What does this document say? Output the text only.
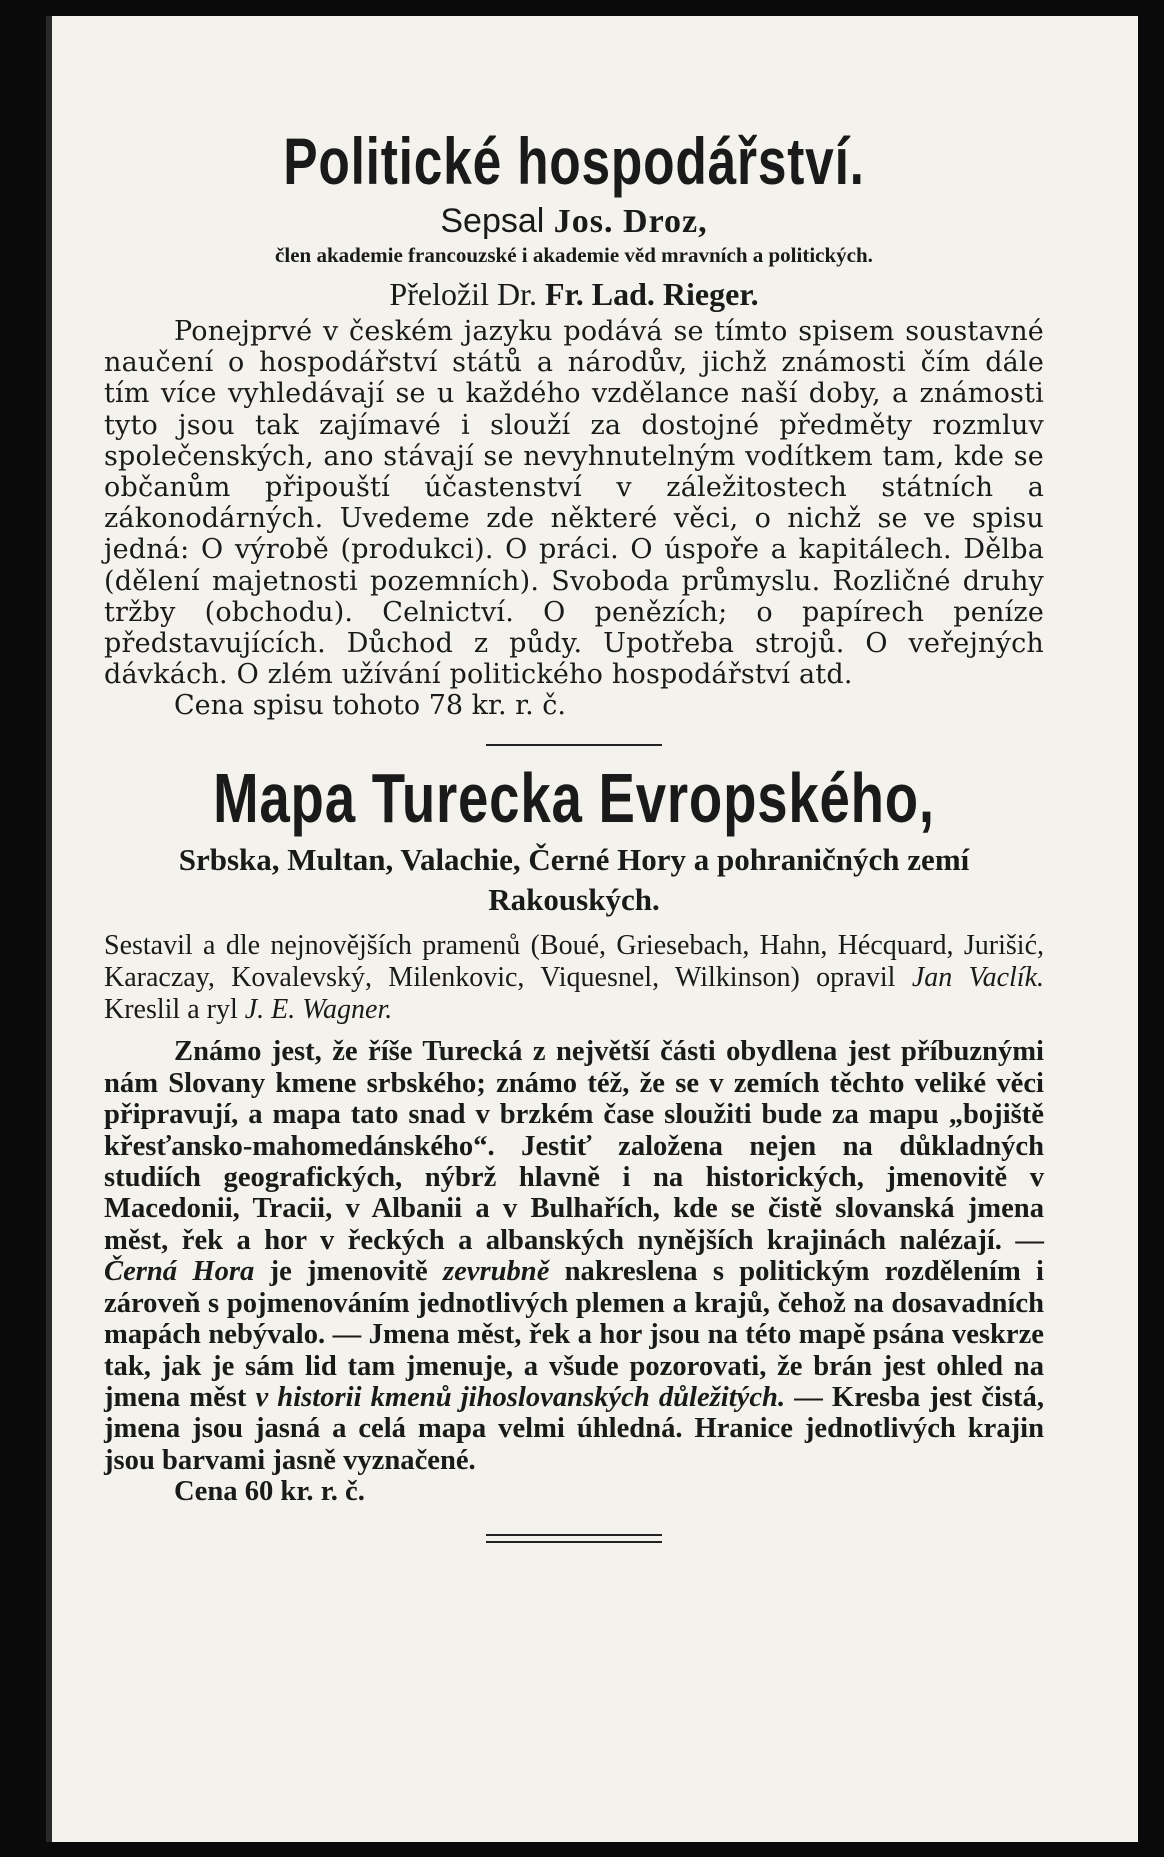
Politické hospodářství.
Sepsal Jos. Droz,
člen akademie francouzské i akademie věd mravních a politických.
Přeložil Dr. Fr. Lad. Rieger.

Ponejprvé v českém jazyku podává se tímto spisem soustavné naučení o hospodářství států a národův, jichž známosti čím dále tím více vyhledávají se u každého vzdělance naší doby, a známosti tyto jsou tak zajímavé i slouží za dostojné předměty rozmluv společenských, ano stávají se nevyhnutelným vodítkem tam, kde se občanům připouští účastenství v záležitostech státních a zákonodárných. Uvedeme zde některé věci, o nichž se ve spisu jedná: O výrobě (produkci). O práci. O úspoře a kapitálech. Dělba (dělení majetnosti pozemních). Svoboda průmyslu. Rozličné druhy tržby (obchodu). Celnictví. O penězích; o papírech peníze představujících. Důchod z půdy. Upotřeba strojů. O veřejných dávkách. O zlém užívání politického hospodářství atd.

Cena spisu tohoto 78 kr. r. č.

Mapa Turecka Evropského,
Srbska, Multan, Valachie, Černé Hory a pohraničných zemí Rakouských.

Sestavil a dle nejnovějších pramenů (Boué, Griesebach, Hahn, Hécquard, Jurišić, Karaczay, Kovalevský, Milenkovic, Viquesnel, Wilkinson) opravil Jan Vaclík. Kreslil a ryl J. E. Wagner.

Známo jest, že říše Turecká z největší části obydlena jest příbuznými nám Slovany kmene srbského; známo též, že se v zemích těchto veliké věci připravují, a mapa tato snad v brzkém čase sloužiti bude za mapu „bojiště křesťansko-mahomedánského“. Jestiť založena nejen na důkladných studiích geografických, nýbrž hlavně i na historických, jmenovitě v Macedonii, Tracii, v Albanii a v Bulhařích, kde se čistě slovanská jmena měst, řek a hor v řeckých a albanských nynějších krajinách nalézají. — Černá Hora je jmenovitě zevrubně nakreslena s politickým rozdělením i zároveň s pojmenováním jednotlivých plemen a krajů, čehož na dosavadních mapách nebývalo. — Jmena měst, řek a hor jsou na této mapě psána veskrze tak, jak je sám lid tam jmenuje, a všude pozorovati, že brán jest ohled na jmena měst v historii kmenů jihoslovanských důležitých. — Kresba jest čistá, jmena jsou jasná a celá mapa velmi úhledná. Hranice jednotlivých krajin jsou barvami jasně vyznačené.

Cena 60 kr. r. č.
